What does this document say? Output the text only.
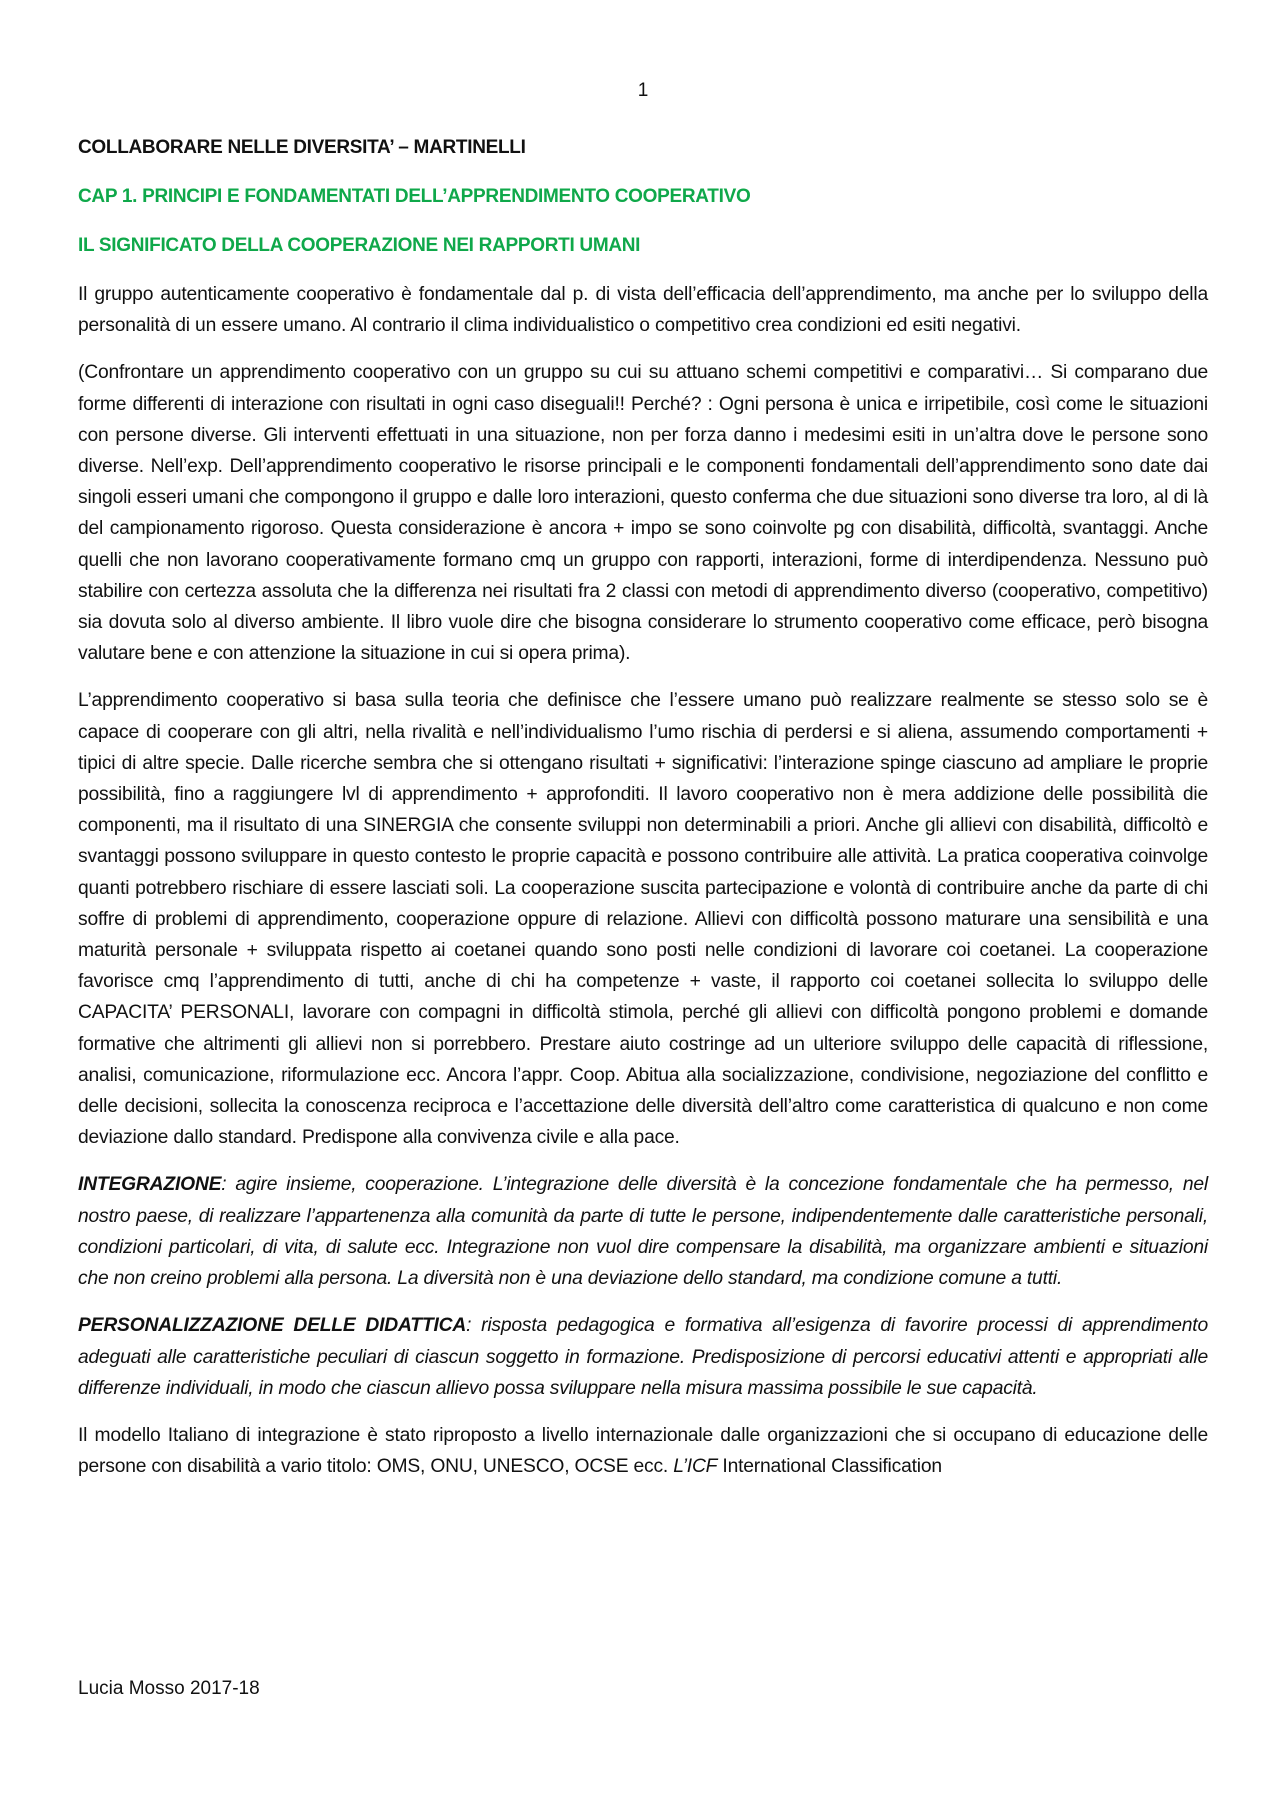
1
COLLABORARE NELLE DIVERSITA’ – MARTINELLI
CAP 1. PRINCIPI E FONDAMENTATI DELL’APPRENDIMENTO COOPERATIVO
IL SIGNIFICATO DELLA COOPERAZIONE NEI RAPPORTI UMANI

Il gruppo autenticamente cooperativo è fondamentale dal p. di vista dell’efficacia dell’apprendimento, ma anche per lo sviluppo della personalità di un essere umano. Al contrario il clima individualistico o competitivo crea condizioni ed esiti negativi.

(Confrontare un apprendimento cooperativo con un gruppo su cui su attuano schemi competitivi e comparativi… Si comparano due forme differenti di interazione con risultati in ogni caso diseguali!! Perché? : Ogni persona è unica e irripetibile, così come le situazioni con persone diverse. Gli interventi effettuati in una situazione, non per forza danno i medesimi esiti in un’altra dove le persone sono diverse. Nell’exp. Dell’apprendimento cooperativo le risorse principali e le componenti fondamentali dell’apprendimento sono date dai singoli esseri umani che compongono il gruppo e dalle loro interazioni, questo conferma che due situazioni sono diverse tra loro, al di là del campionamento rigoroso. Questa considerazione è ancora + impo se sono coinvolte pg con disabilità, difficoltà, svantaggi. Anche quelli che non lavorano cooperativamente formano cmq un gruppo con rapporti, interazioni, forme di interdipendenza. Nessuno può stabilire con certezza assoluta che la differenza nei risultati fra 2 classi con metodi di apprendimento diverso (cooperativo, competitivo) sia dovuta solo al diverso ambiente. Il libro vuole dire che bisogna considerare lo strumento cooperativo come efficace, però bisogna valutare bene e con attenzione la situazione in cui si opera prima).

L’apprendimento cooperativo si basa sulla teoria che definisce che l’essere umano può realizzare realmente se stesso solo se è capace di cooperare con gli altri, nella rivalità e nell’individualismo l’umo rischia di perdersi e si aliena, assumendo comportamenti + tipici di altre specie. Dalle ricerche sembra che si ottengano risultati + significativi: l’interazione spinge ciascuno ad ampliare le proprie possibilità, fino a raggiungere lvl di apprendimento + approfonditi. Il lavoro cooperativo non è mera addizione delle possibilità die componenti, ma il risultato di una SINERGIA che consente sviluppi non determinabili a priori. Anche gli allievi con disabilità, difficoltò e svantaggi possono sviluppare in questo contesto le proprie capacità e possono contribuire alle attività. La pratica cooperativa coinvolge quanti potrebbero rischiare di essere lasciati soli. La cooperazione suscita partecipazione e volontà di contribuire anche da parte di chi soffre di problemi di apprendimento, cooperazione oppure di relazione. Allievi con difficoltà possono maturare una sensibilità e una maturità personale + sviluppata rispetto ai coetanei quando sono posti nelle condizioni di lavorare coi coetanei. La cooperazione favorisce cmq l’apprendimento di tutti, anche di chi ha competenze + vaste, il rapporto coi coetanei sollecita lo sviluppo delle CAPACITA’ PERSONALI, lavorare con compagni in difficoltà stimola, perché gli allievi con difficoltà pongono problemi e domande formative che altrimenti gli allievi non si porrebbero. Prestare aiuto costringe ad un ulteriore sviluppo delle capacità di riflessione, analisi, comunicazione, riformulazione ecc. Ancora l’appr. Coop. Abitua alla socializzazione, condivisione, negoziazione del conflitto e delle decisioni, sollecita la conoscenza reciproca e l’accettazione delle diversità dell’altro come caratteristica di qualcuno e non come deviazione dallo standard. Predispone alla convivenza civile e alla pace.

INTEGRAZIONE: agire insieme, cooperazione. L’integrazione delle diversità è la concezione fondamentale che ha permesso, nel nostro paese, di realizzare l’appartenenza alla comunità da parte di tutte le persone, indipendentemente dalle caratteristiche personali, condizioni particolari, di vita, di salute ecc. Integrazione non vuol dire compensare la disabilità, ma organizzare ambienti e situazioni che non creino problemi alla persona. La diversità non è una deviazione dello standard, ma condizione comune a tutti.

PERSONALIZZAZIONE DELLE DIDATTICA: risposta pedagogica e formativa all’esigenza di favorire processi di apprendimento adeguati alle caratteristiche peculiari di ciascun soggetto in formazione. Predisposizione di percorsi educativi attenti e appropriati alle differenze individuali, in modo che ciascun allievo possa sviluppare nella misura massima possibile le sue capacità.

Il modello Italiano di integrazione è stato riproposto a livello internazionale dalle organizzazioni che si occupano di educazione delle persone con disabilità a vario titolo: OMS, ONU, UNESCO, OCSE ecc. L’ICF International Classification

Lucia Mosso 2017-18
